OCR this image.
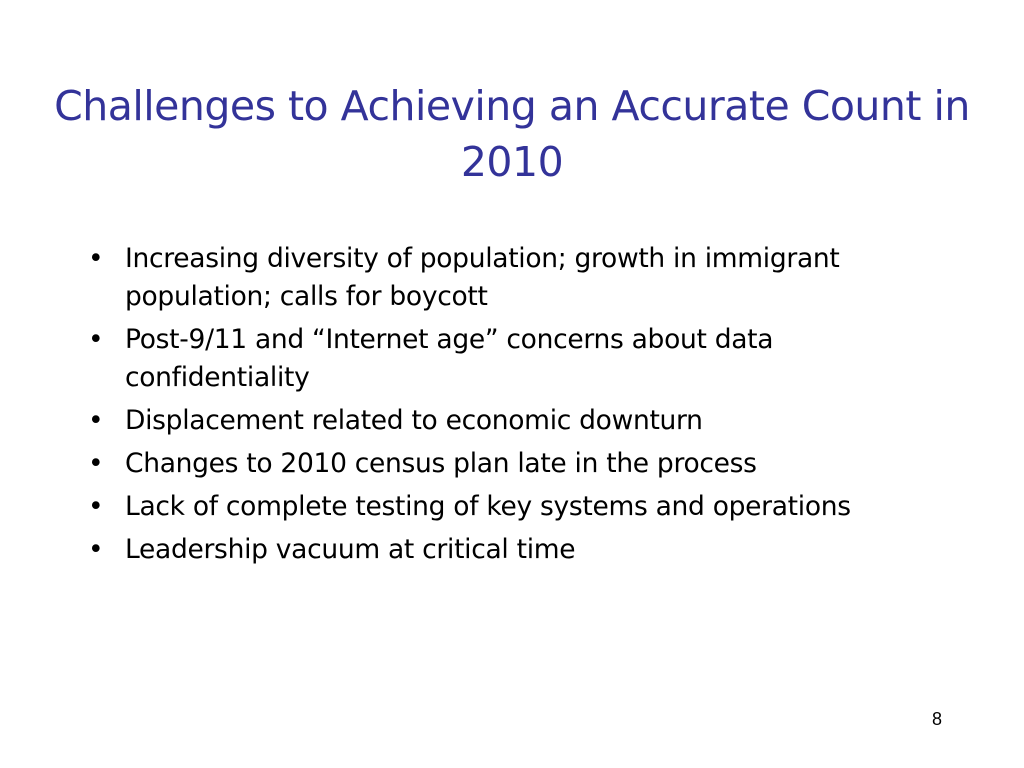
Challenges to Achieving an Accurate Count in 2010
• Increasing diversity of population; growth in immigrant population; calls for boycott
• Post-9/11 and “Internet age” concerns about data confidentiality
• Displacement related to economic downturn
• Changes to 2010 census plan late in the process
• Lack of complete testing of key systems and operations
• Leadership vacuum at critical time
8
